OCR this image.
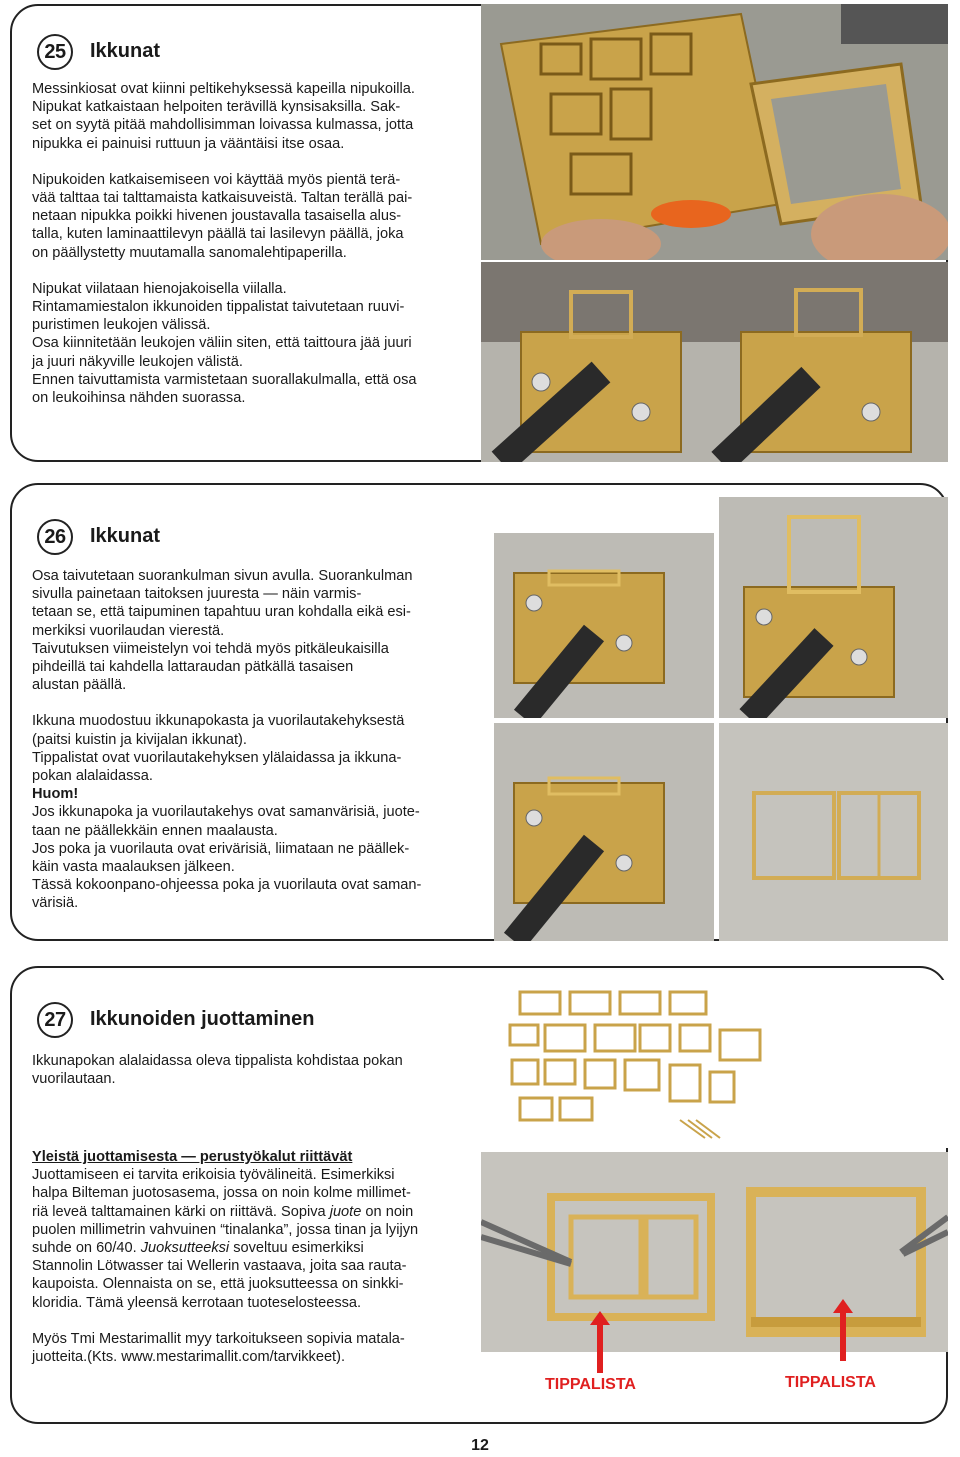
25	Ikkunat

Messinkiosat ovat kiinni peltikehyksessä kapeilla nipukoilla.

Nipukat katkaistaan helpoiten terävillä kynsisaksilla. Sak-

set on syytä pitää mahdollisimman loivassa kulmassa, jotta

nipukka ei painuisi ruttuun ja vääntäisi itse osaa.

Nipukoiden katkaisemiseen voi käyttää myös pientä terä-

vää talttaa tai talttamaista katkaisuveistä. Taltan terällä pai-

netaan nipukka poikki hivenen joustavalla tasaisella alus-

talla, kuten laminaattilevyn päällä tai lasilevyn päällä, joka

on päällystetty muutamalla sanomalehtipaperilla.

Nipukat viilataan hienojakoisella viilalla.

Rintamamiestalon ikkunoiden tippalistat taivutetaan ruuvi-

puristimen leukojen välissä.

Osa kiinnitetään leukojen väliin siten, että taittoura jää juuri

ja juuri näkyville leukojen välistä.

Ennen taivuttamista varmistetaan suorallakulmalla, että osa

on leukoihinsa nähden suorassa.

26	Ikkunat

Osa taivutetaan suorankulman sivun avulla. Suorankulman

sivulla painetaan taitoksen juuresta — näin varmis-

tetaan se, että taipuminen tapahtuu uran kohdalla eikä esi-

merkiksi vuorilaudan vierestä.

Taivutuksen viimeistelyn voi tehdä myös pitkäleukaisilla

pihdeillä tai kahdella lattaraudan pätkällä tasaisen

alustan päällä.

Ikkuna muodostuu ikkunapokasta ja vuorilautakehyksestä

(paitsi kuistin ja kivijalan ikkunat).

Tippalistat ovat vuorilautakehyksen ylälaidassa ja ikkuna-

pokan alalaidassa.

Huom!

Jos ikkunapoka ja vuorilautakehys ovat samanvärisiä, juote-

taan ne päällekkäin ennen maalausta.

Jos poka ja vuorilauta ovat erivärisiä, liimataan ne päällek-

käin vasta maalauksen jälkeen.

Tässä kokoonpano-ohjeessa poka ja vuorilauta ovat saman-

värisiä.

27	Ikkunoiden juottaminen

Ikkunapokan alalaidassa oleva tippalista kohdistaa pokan

vuorilautaan.

Yleistä juottamisesta — perustyökalut riittävät

Juottamiseen ei tarvita erikoisia työvälineitä. Esimerkiksi

halpa Bilteman juotosasema, jossa on noin kolme millimet-

riä leveä talttamainen kärki on riittävä. Sopiva juote on noin

puolen millimetrin vahvuinen “tinalanka”, jossa tinan ja lyijyn

suhde on 60/40. Juoksutteeksi soveltuu esimerkiksi

Stannolin Lötwasser tai Wellerin vastaava, joita saa rauta-

kaupoista. Olennaista on se, että juoksutteessa on sinkki-

kloridia. Tämä yleensä kerrotaan tuoteselosteessa.

Myös Tmi Mestarimallit myy tarkoitukseen sopivia matala-

juotteita.(Kts. www.mestarimallit.com/tarvikkeet).

TIPPALISTA	TIPPALISTA
12
